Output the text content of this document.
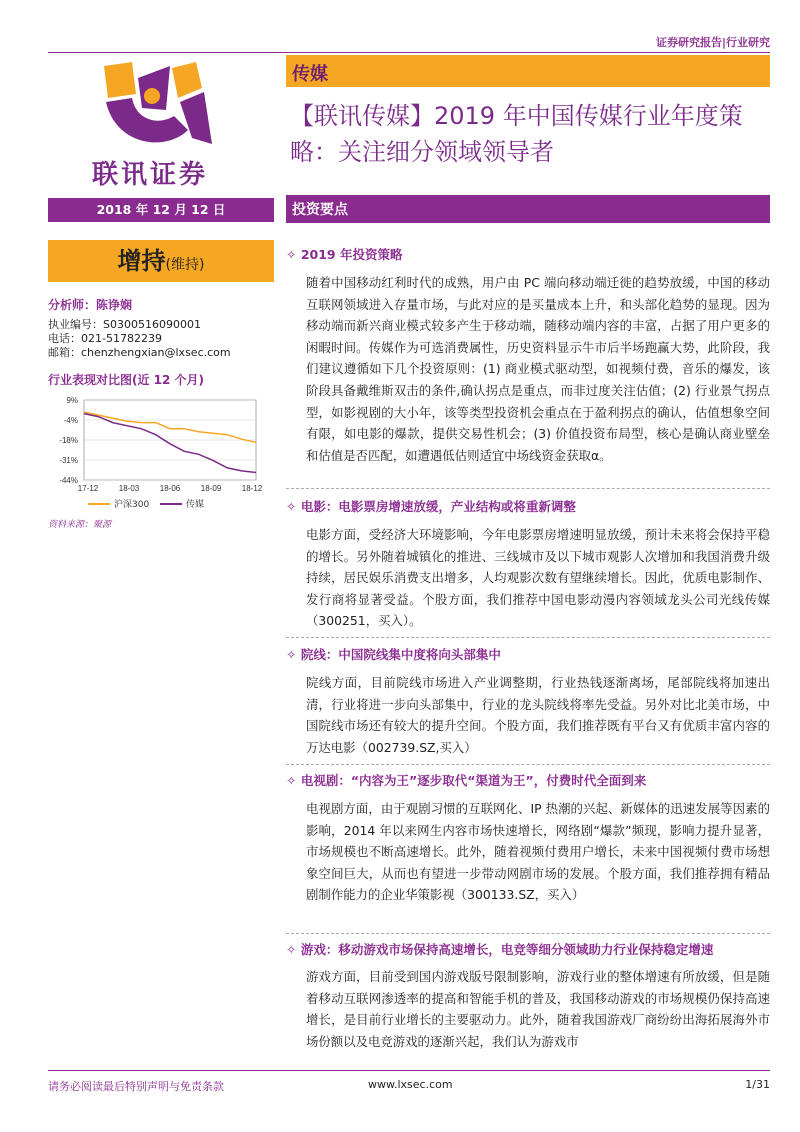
证券研究报告|行业研究
联讯证券
传媒
【联讯传媒】2019 年中国传媒行业年度策略：关注细分领域领导者
2018 年 12 月 12 日	投资要点
增持 (维持)
分析师：陈诤娴
执业编号：S0300516090001
电话：021-51782239
邮箱：chenzhengxian@lxsec.com
行业表现对比图(近 12 个月)
9%
-4%
-18%
-31%
-44%
17-12	18-03	18-06	18-09	18-12
沪深300	传媒
资料来源：聚源
✧ 2019 年投资策略
随着中国移动红利时代的成熟，用户由 PC 端向移动端迁徙的趋势放缓，中国的移动互联网领域进入存量市场，与此对应的是买量成本上升，和头部化趋势的显现。因为移动端而新兴商业模式较多产生于移动端，随移动端内容的丰富，占据了用户更多的闲暇时间。传媒作为可选消费属性，历史资料显示牛市后半场跑赢大势，此阶段，我们建议遵循如下几个投资原则：(1) 商业模式驱动型，如视频付费，音乐的爆发，该阶段具备戴维斯双击的条件,确认拐点是重点，而非过度关注估值；(2) 行业景气拐点型，如影视剧的大小年，该等类型投资机会重点在于盈利拐点的确认，估值想象空间有限，如电影的爆款，提供交易性机会；(3) 价值投资布局型，核心是确认商业壁垒和估值是否匹配，如遭遇低估则适宜中场线资金获取α。
✧ 电影：电影票房增速放缓，产业结构或将重新调整
电影方面，受经济大环境影响，今年电影票房增速明显放缓，预计未来将会保持平稳的增长。另外随着城镇化的推进、三线城市及以下城市观影人次增加和我国消费升级持续，居民娱乐消费支出增多，人均观影次数有望继续增长。因此，优质电影制作、发行商将显著受益。个股方面，我们推荐中国电影动漫内容领域龙头公司光线传媒（300251，买入）。
✧ 院线：中国院线集中度将向头部集中
院线方面，目前院线市场进入产业调整期，行业热钱逐渐离场，尾部院线将加速出清，行业将进一步向头部集中，行业的龙头院线将率先受益。另外对比北美市场，中国院线市场还有较大的提升空间。个股方面，我们推荐既有平台又有优质丰富内容的万达电影（002739.SZ,买入）
✧ 电视剧：“内容为王”逐步取代“渠道为王”，付费时代全面到来
电视剧方面，由于观剧习惯的互联网化、IP 热潮的兴起、新媒体的迅速发展等因素的影响，2014 年以来网生内容市场快速增长，网络剧“爆款”频现，影响力提升显著，市场规模也不断高速增长。此外，随着视频付费用户增长，未来中国视频付费市场想象空间巨大，从而也有望进一步带动网剧市场的发展。个股方面，我们推荐拥有精品剧制作能力的企业华策影视（300133.SZ，买入）
✧ 游戏：移动游戏市场保持高速增长，电竞等细分领域助力行业保持稳定增速
游戏方面，目前受到国内游戏版号限制影响，游戏行业的整体增速有所放缓，但是随着移动互联网渗透率的提高和智能手机的普及，我国移动游戏的市场规模仍保持高速增长，是目前行业增长的主要驱动力。此外，随着我国游戏厂商纷纷出海拓展海外市场份额以及电竞游戏的逐渐兴起，我们认为游戏市
请务必阅读最后特别声明与免责条款	www.lxsec.com	1/31
